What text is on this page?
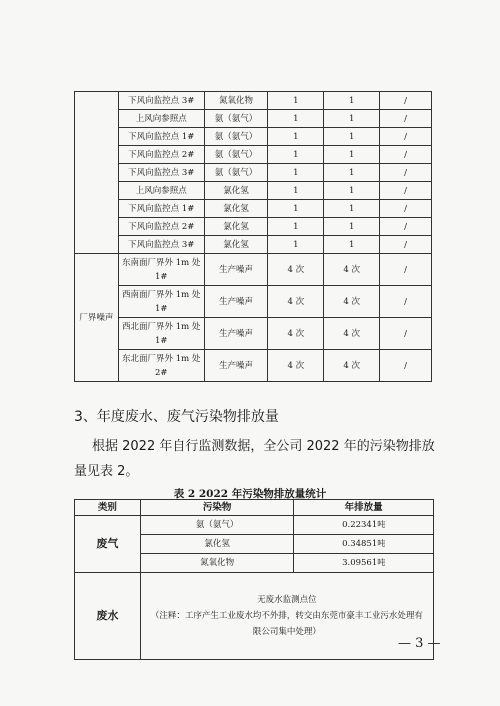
	下风向监控点 3#	氮氧化物	1	1	/
	上风向参照点	氨（氨气）	1	1	/
	下风向监控点 1#	氨（氨气）	1	1	/
	下风向监控点 2#	氨（氨气）	1	1	/
	下风向监控点 3#	氨（氨气）	1	1	/
	上风向参照点	氯化氢	1	1	/
	下风向监控点 1#	氯化氢	1	1	/
	下风向监控点 2#	氯化氢	1	1	/
	下风向监控点 3#	氯化氢	1	1	/
厂界噪声	东南面厂界外 1m 处 1#	生产噪声	4 次	4 次	/
	西南面厂界外 1m 处 1#	生产噪声	4 次	4 次	/
	西北面厂界外 1m 处 1#	生产噪声	4 次	4 次	/
	东北面厂界外 1m 处 2#	生产噪声	4 次	4 次	/
3、年度废水、废气污染物排放量
根据 2022 年自行监测数据，全公司 2022 年的污染物排放量见表 2。
表 2 2022 年污染物排放量统计
类别	污染物	年排放量
废气	氨（氨气）	0.22341吨
	氯化氢	0.34851吨
	氮氧化物	3.09561吨
废水	无废水监测点位
（注释：工序产生工业废水均不外排，转交由东莞市豪丰工业污水处理有限公司集中处理）	
— 3 —
